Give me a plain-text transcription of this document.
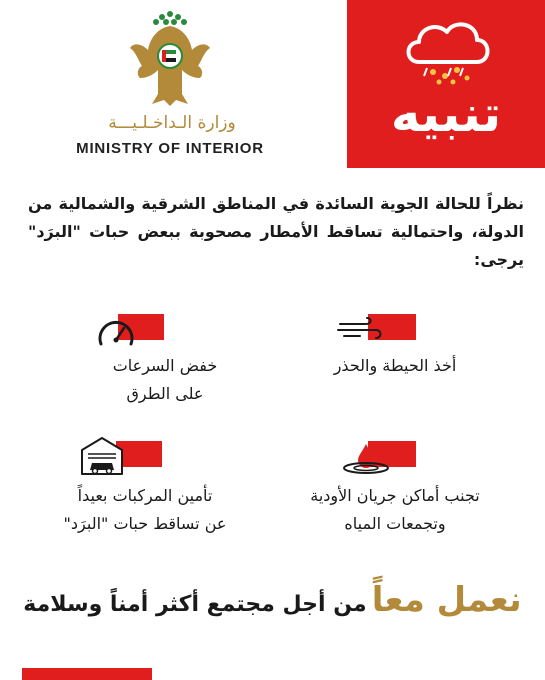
تنبيه
وزارة الـداخـلـيـــة
MINISTRY OF INTERIOR
نظراً للحالة الجوية السائدة في المناطق الشرقية والشمالية من الدولة، واحتمالية تساقط الأمطار مصحوبة ببعض حبات "البرَد" يرجى:
أخذ الحيطة والحذر
خفض السرعات
على الطرق
تجنب أماكن جريان الأودية
وتجمعات المياه
تأمين المركبات بعيداً
عن تساقط حبات "البرَد"
نعمل معاً من أجل مجتمع أكثر أمناً وسلامة
